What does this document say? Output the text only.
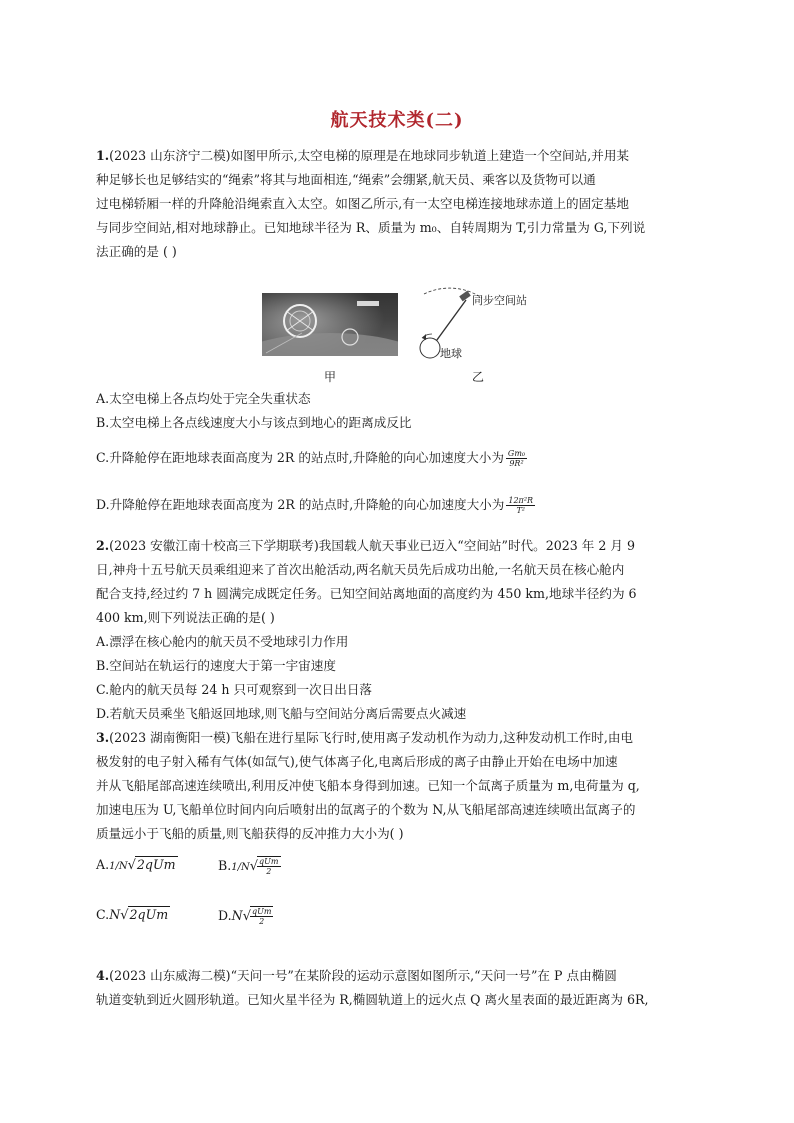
航天技术类(二)
1.(2023 山东济宁二模)如图甲所示,太空电梯的原理是在地球同步轨道上建造一个空间站,并用某
种足够长也足够结实的“绳索”将其与地面相连,“绳索”会绷紧,航天员、乘客以及货物可以通
过电梯轿厢一样的升降舱沿绳索直入太空。如图乙所示,有一太空电梯连接地球赤道上的固定基地
与同步空间站,相对地球静止。已知地球半径为 R、质量为 m₀、自转周期为 T,引力常量为 G,下列说
法正确的是 ( )
同步空间站
地球
甲	乙
A.太空电梯上各点均处于完全失重状态
B.太空电梯上各点线速度大小与该点到地心的距离成反比
C.升降舱停在距地球表面高度为 2R 的站点时,升降舱的向心加速度大小为 $\frac{\text{Gm₀}}{\text{9R²}}$
D.升降舱停在距地球表面高度为 2R 的站点时,升降舱的向心加速度大小为 $\frac{\text{12π²R}}{\text{T²}}$
2.(2023 安徽江南十校高三下学期联考)我国载人航天事业已迈入“空间站”时代。2023 年 2 月 9
日,神舟十五号航天员乘组迎来了首次出舱活动,两名航天员先后成功出舱,一名航天员在核心舱内
配合支持,经过约 7 h 圆满完成既定任务。已知空间站离地面的高度约为 450 km,地球半径约为 6
400 km,则下列说法正确的是( )
A.漂浮在核心舱内的航天员不受地球引力作用
B.空间站在轨运行的速度大于第一宇宙速度
C.舱内的航天员每 24 h 只可观察到一次日出日落
D.若航天员乘坐飞船返回地球,则飞船与空间站分离后需要点火减速
3.(2023 湖南衡阳一模)飞船在进行星际飞行时,使用离子发动机作为动力,这种发动机工作时,由电
极发射的电子射入稀有气体(如氙气),使气体离子化,电离后形成的离子由静止开始在电场中加速
并从飞船尾部高速连续喷出,利用反冲使飞船本身得到加速。已知一个氙离子质量为 m,电荷量为 q,
加速电压为 U,飞船单位时间内向后喷射出的氙离子的个数为 N,从飞船尾部高速连续喷出氙离子的
质量远小于飞船的质量,则飞船获得的反冲推力大小为( )
A.1/N√2qUm	$B.1/N√ \frac{\text{qUm}}{2}$
C.N√2qUm	$D.N√ \frac{\text{qUm}}{2}$
4.(2023 山东威海二模)“天问一号”在某阶段的运动示意图如图所示,“天问一号”在 P 点由椭圆
轨道变轨到近火圆形轨道。已知火星半径为 R,椭圆轨道上的远火点 Q 离火星表面的最近距离为 6R,
